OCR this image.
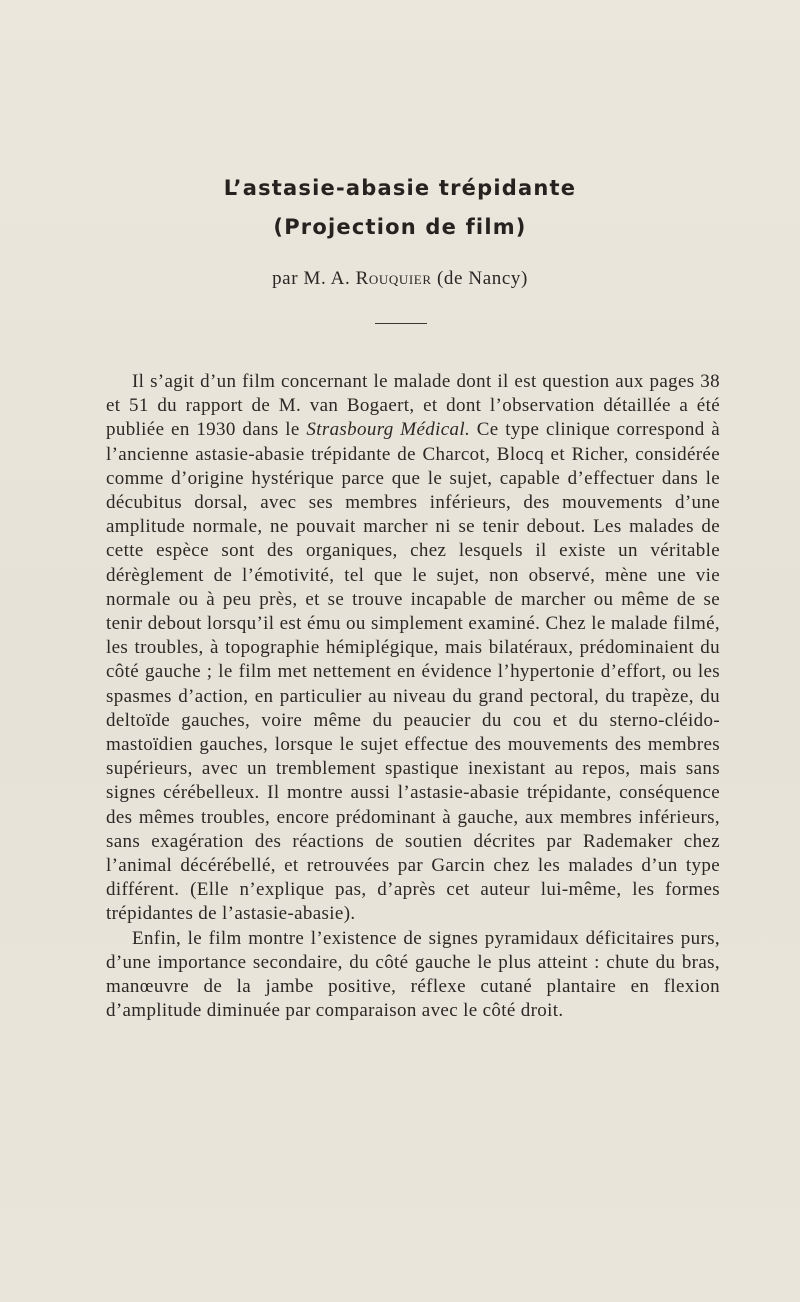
L’astasie-abasie trépidante
(Projection de film)
par M. A. Rouquier (de Nancy)

Il s’agit d’un film concernant le malade dont il est question aux pages 38 et 51 du rapport de M. van Bogaert, et dont l’observation détaillée a été publiée en 1930 dans le Strasbourg Médical. Ce type clinique correspond à l’ancienne astasie-abasie trépidante de Charcot, Blocq et Richer, considérée comme d’origine hystérique parce que le sujet, capable d’effectuer dans le décubitus dorsal, avec ses membres inférieurs, des mouvements d’une amplitude normale, ne pouvait marcher ni se tenir debout. Les malades de cette espèce sont des organiques, chez lesquels il existe un véritable dérèglement de l’émotivité, tel que le sujet, non observé, mène une vie normale ou à peu près, et se trouve incapable de marcher ou même de se tenir debout lorsqu’il est ému ou simplement examiné. Chez le malade filmé, les troubles, à topographie hémiplégique, mais bilatéraux, prédominaient du côté gauche ; le film met nettement en évidence l’hypertonie d’effort, ou les spasmes d’action, en particulier au niveau du grand pectoral, du trapèze, du deltoïde gauches, voire même du peaucier du cou et du sterno-cléido-mastoïdien gauches, lorsque le sujet effectue des mouvements des membres supérieurs, avec un tremblement spastique inexistant au repos, mais sans signes cérébelleux. Il montre aussi l’astasie-abasie trépidante, conséquence des mêmes troubles, encore prédominant à gauche, aux membres inférieurs, sans exagération des réactions de soutien décrites par Rademaker chez l’animal décérébellé, et retrouvées par Garcin chez les malades d’un type différent. (Elle n’explique pas, d’après cet auteur lui-même, les formes trépidantes de l’astasie-abasie).

Enfin, le film montre l’existence de signes pyramidaux déficitaires purs, d’une importance secondaire, du côté gauche le plus atteint : chute du bras, manœuvre de la jambe positive, réflexe cutané plantaire en flexion d’amplitude diminuée par comparaison avec le côté droit.
